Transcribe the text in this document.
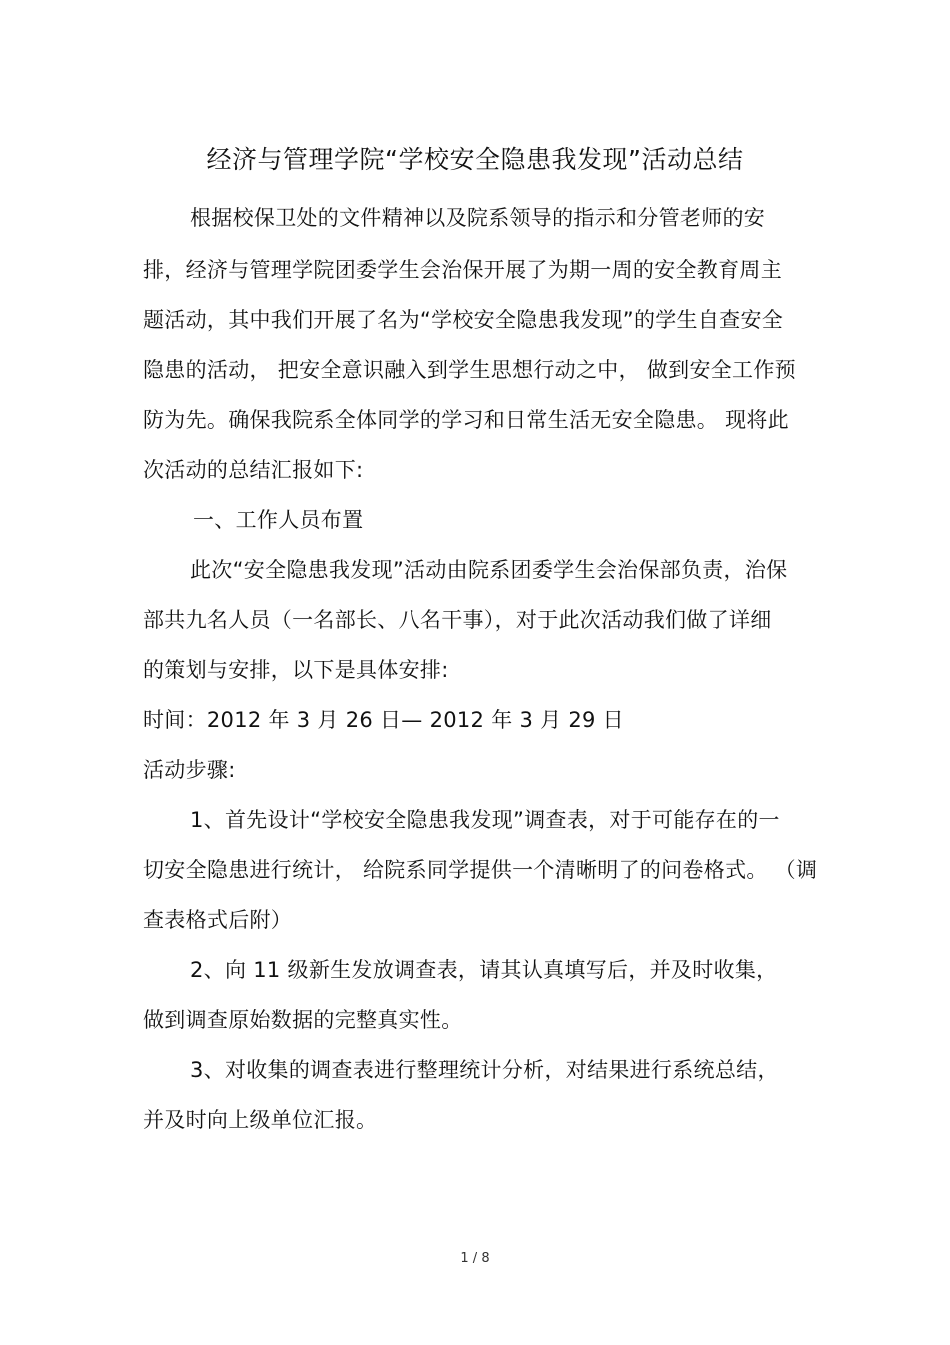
经济与管理学院“学校安全隐患我发现”活动总结
根据校保卫处的文件精神以及院系领导的指示和分管老师的安
排，经济与管理学院团委学生会治保开展了为期一周的安全教育周主
题活动，其中我们开展了名为“学校安全隐患我发现”的学生自查安全
隐患的活动， 把安全意识融入到学生思想行动之中， 做到安全工作预
防为先。确保我院系全体同学的学习和日常生活无安全隐患。 现将此
次活动的总结汇报如下:
一、工作人员布置
此次“安全隐患我发现”活动由院系团委学生会治保部负责，治保
部共九名人员（一名部长、八名干事），对于此次活动我们做了详细
的策划与安排，以下是具体安排:
时间：2012 年 3 月 26 日— 2012 年 3 月 29 日
活动步骤:
1、首先设计“学校安全隐患我发现”调查表，对于可能存在的一
切安全隐患进行统计， 给院系同学提供一个清晰明了的问卷格式。 （调
查表格式后附）
2、向 11 级新生发放调查表，请其认真填写后，并及时收集，
做到调查原始数据的完整真实性。
3、对收集的调查表进行整理统计分析，对结果进行系统总结，
并及时向上级单位汇报。
1 / 8
